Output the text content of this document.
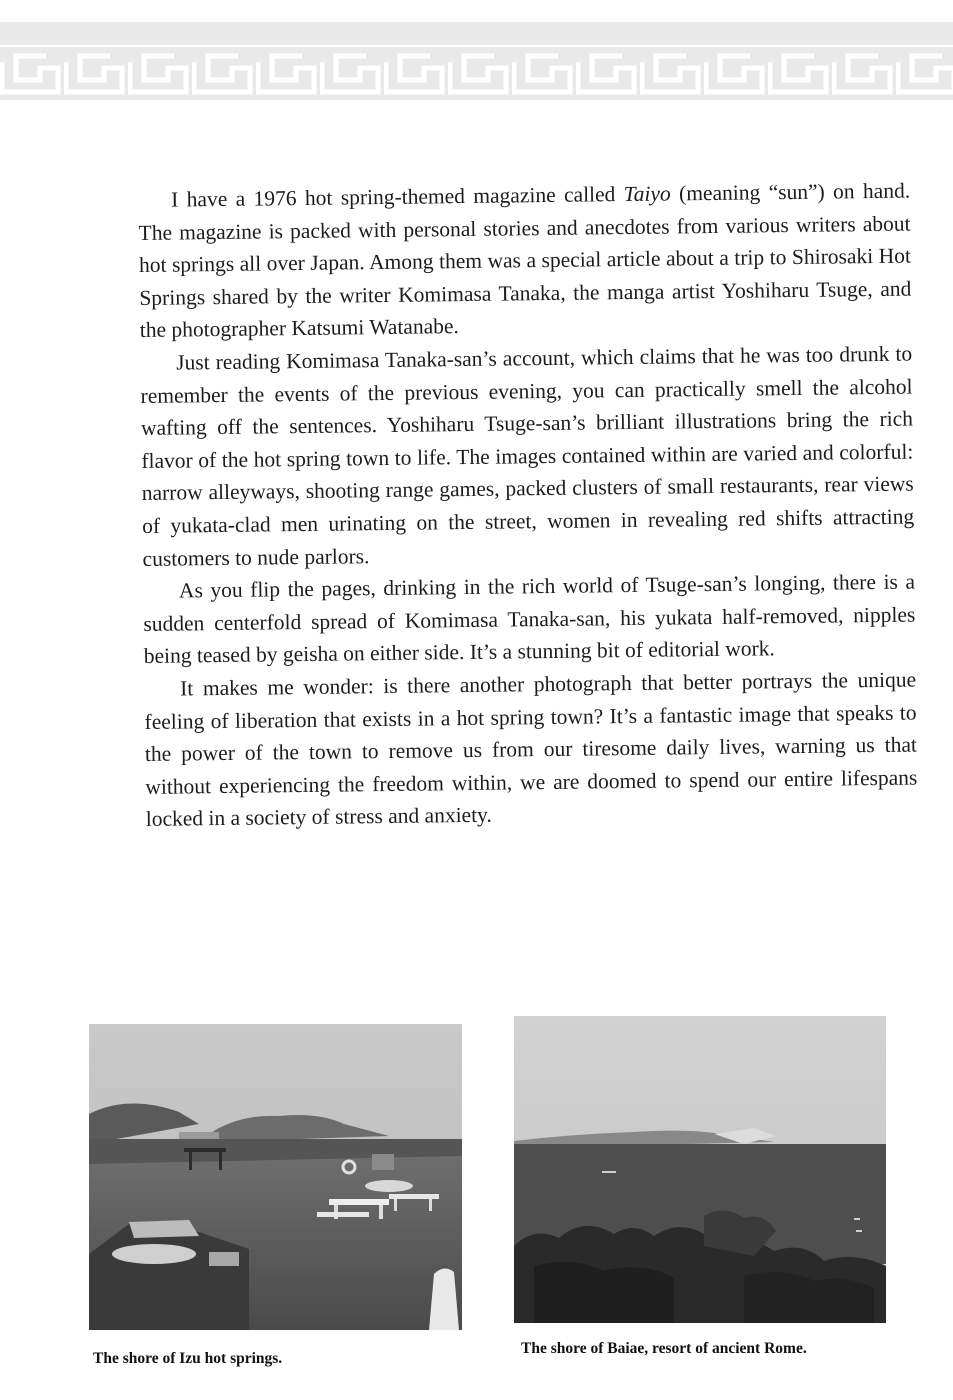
I have a 1976 hot spring-themed magazine called Taiyo (meaning “sun”) on hand. The magazine is packed with personal stories and anecdotes from various writers about hot springs all over Japan. Among them was a special article about a trip to Shirosaki Hot Springs shared by the writer Komimasa Tanaka, the manga artist Yoshiharu Tsuge, and the photographer Katsumi Watanabe.

Just reading Komimasa Tanaka-san’s account, which claims that he was too drunk to remember the events of the previous evening, you can practically smell the alcohol wafting off the sentences. Yoshiharu Tsuge-san’s brilliant illustrations bring the rich flavor of the hot spring town to life. The images contained within are varied and colorful: narrow alleyways, shooting range games, packed clusters of small restaurants, rear views of yukata-clad men urinating on the street, women in revealing red shifts attracting customers to nude parlors.

As you flip the pages, drinking in the rich world of Tsuge-san’s longing, there is a sudden centerfold spread of Komimasa Tanaka-san, his yukata half-removed, nipples being teased by geisha on either side. It’s a stunning bit of editorial work.

It makes me wonder: is there another photograph that better portrays the unique feeling of liberation that exists in a hot spring town? It’s a fantastic image that speaks to the power of the town to remove us from our tiresome daily lives, warning us that without experiencing the freedom within, we are doomed to spend our entire lifespans locked in a society of stress and anxiety.

The shore of Izu hot springs.
The shore of Baiae, resort of ancient Rome.
